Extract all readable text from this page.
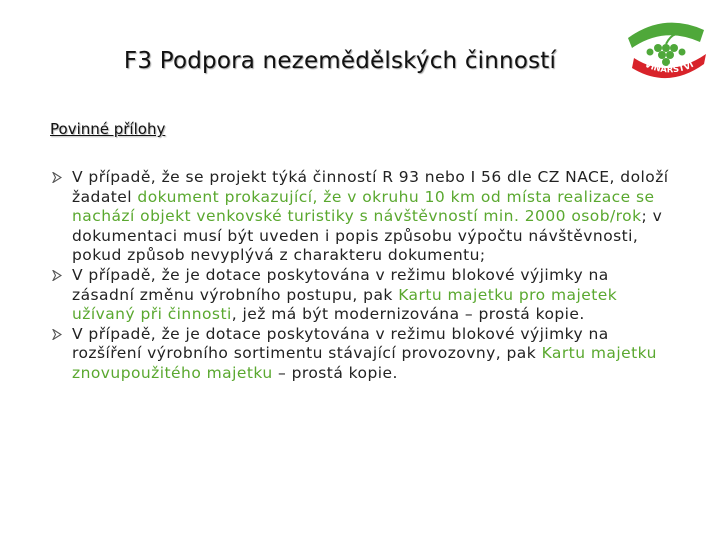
F3 Podpora nezemědělských činností
ZNOJEMSKÉ
VINAŘSTVÍ
Povinné přílohy
V případě, že se projekt týká činností R 93 nebo I 56 dle CZ NACE, doloží žadatel dokument prokazující, že v okruhu 10 km od místa realizace se nachází objekt venkovské turistiky s návštěvností min. 2000 osob/rok; v dokumentaci musí být uveden i popis způsobu výpočtu návštěvnosti, pokud způsob nevyplývá z charakteru dokumentu;
V případě, že je dotace poskytována v režimu blokové výjimky na zásadní změnu výrobního postupu, pak Kartu majetku pro majetek užívaný při činnosti, jež má být modernizována – prostá kopie.
V případě, že je dotace poskytována v režimu blokové výjimky na rozšíření výrobního sortimentu stávající provozovny, pak Kartu majetku znovupoužitého majetku – prostá kopie.
